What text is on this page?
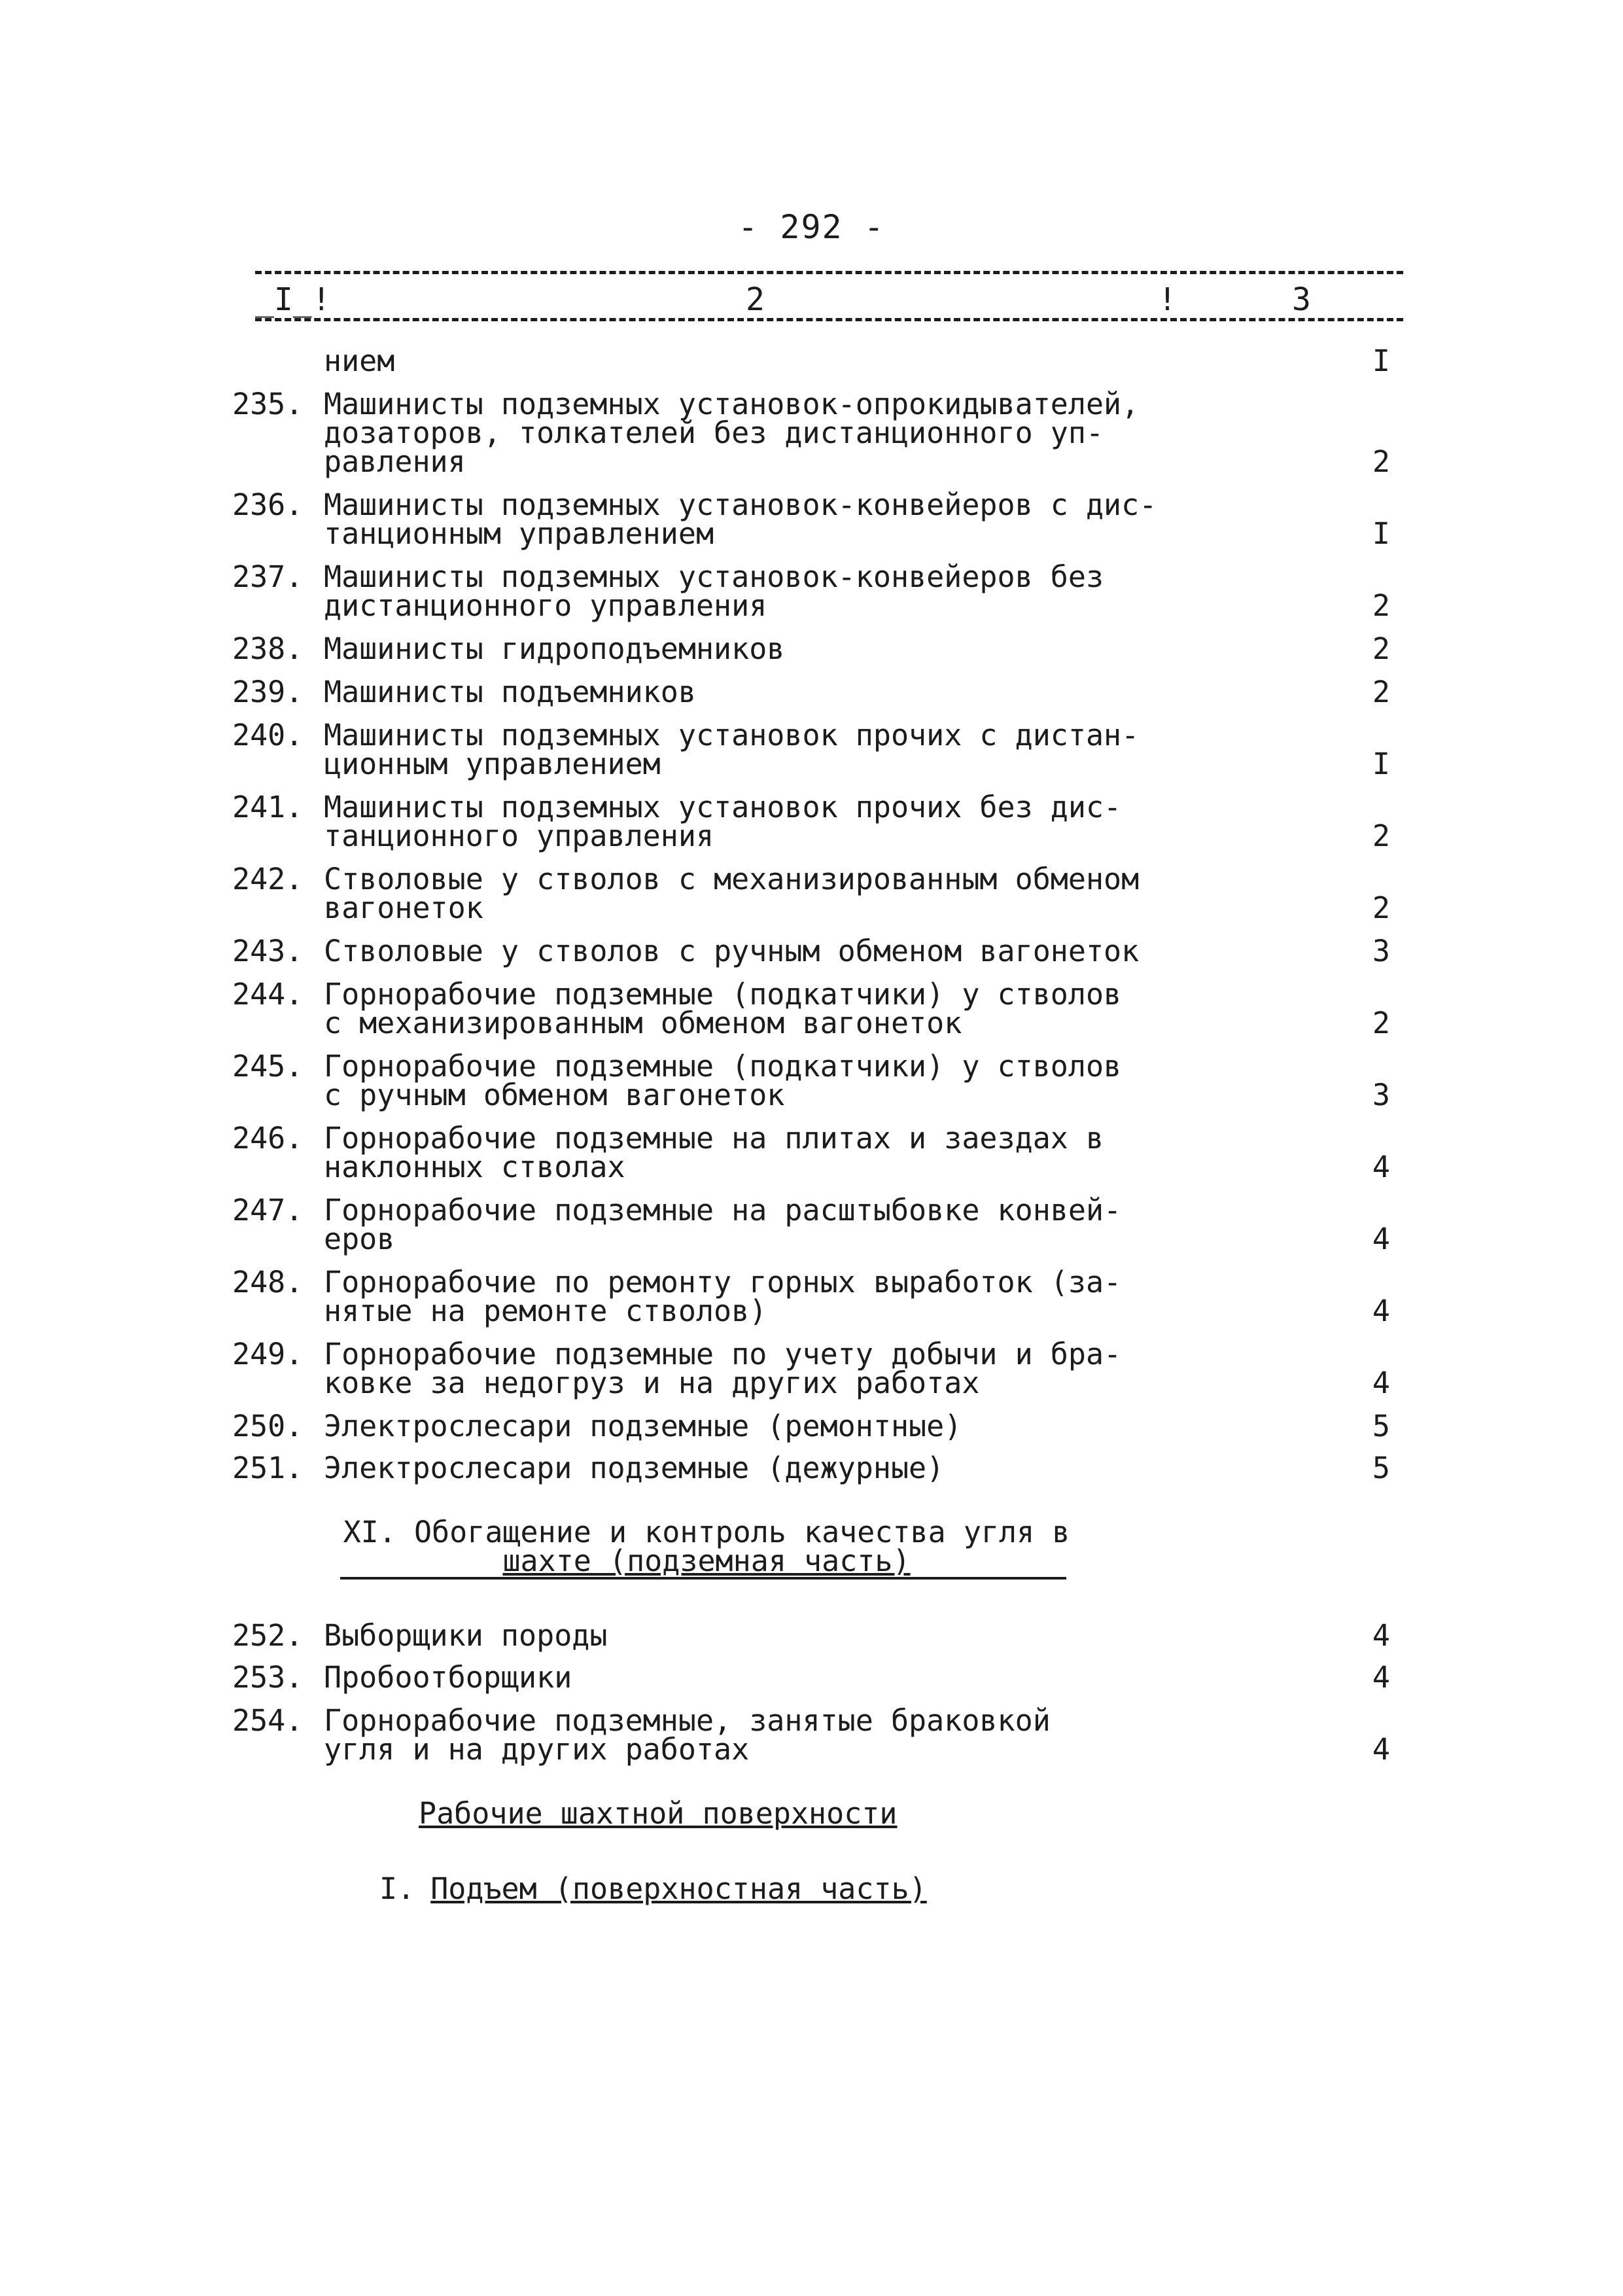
- 292 -
_I_!	2	!	3
нием	I
235. Машинисты подземных установок-опрокидывателей,
дозаторов, толкателей без дистанционного уп-
равления	2
236. Машинисты подземных установок-конвейеров с дис-
танционным управлением	I
237. Машинисты подземных установок-конвейеров без
дистанционного управления	2
238. Машинисты гидроподъемников	2
239. Машинисты подъемников	2
240. Машинисты подземных установок прочих с дистан-
ционным управлением	I
241. Машинисты подземных установок прочих без дис-
танционного управления	2
242. Стволовые у стволов с механизированным обменом
вагонеток	2
243. Стволовые у стволов с ручным обменом вагонеток	3
244. Горнорабочие подземные (подкатчики) у стволов
с механизированным обменом вагонеток	2
245. Горнорабочие подземные (подкатчики) у стволов
с ручным обменом вагонеток	3
246. Горнорабочие подземные на плитах и заездах в
наклонных стволах	4
247. Горнорабочие подземные на расштыбовке конвей-
еров	4
248. Горнорабочие по ремонту горных выработок (за-
нятые на ремонте стволов)	4
249. Горнорабочие подземные по учету добычи и бра-
ковке за недогруз и на других работах	4
250. Электрослесари подземные (ремонтные)	5
251. Электрослесари подземные (дежурные)	5
252. Выборщики породы	4
253. Пробоотборщики	4
254. Горнорабочие подземные, занятые браковкой
угля и на других работах	4
XI. Обогащение и контроль качества угля в
шахте (подземная часть)
Рабочие шахтной поверхности
I. Подъем (поверхностная часть)
